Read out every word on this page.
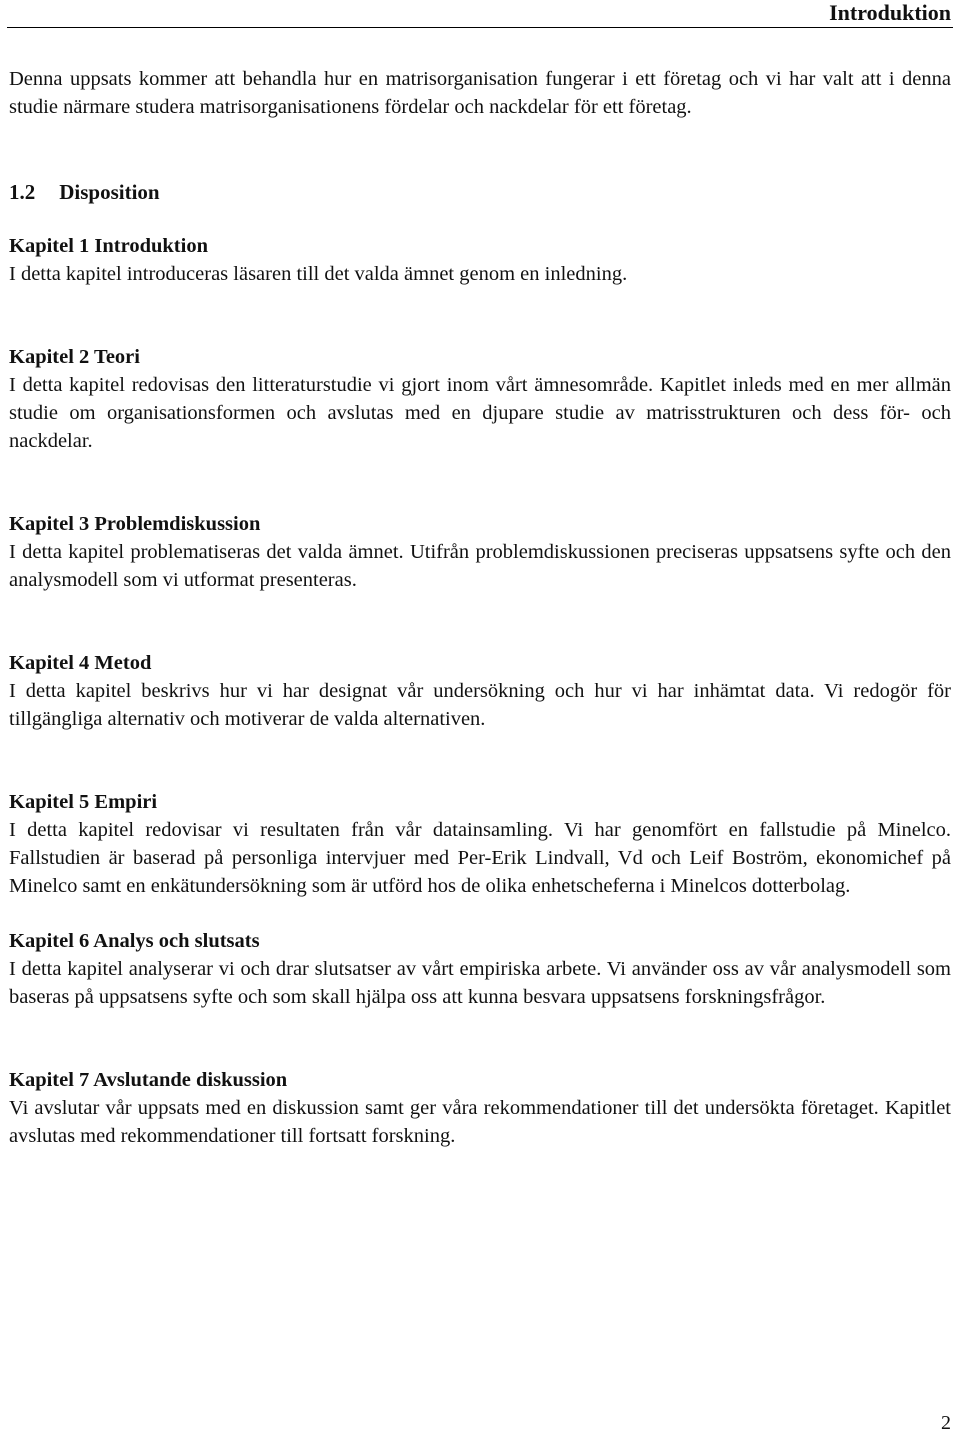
Introduktion

Denna uppsats kommer att behandla hur en matrisorganisation fungerar i ett företag och vi har valt att i denna studie närmare studera matrisorganisationens fördelar och nackdelar för ett företag.

1.2 Disposition
Kapitel 1 Introduktion

I detta kapitel introduceras läsaren till det valda ämnet genom en inledning.

Kapitel 2 Teori

I detta kapitel redovisas den litteraturstudie vi gjort inom vårt ämnesområde. Kapitlet inleds med en mer allmän studie om organisationsformen och avslutas med en djupare studie av matrisstrukturen och dess för- och nackdelar.

Kapitel 3 Problemdiskussion

I detta kapitel problematiseras det valda ämnet. Utifrån problemdiskussionen preciseras uppsatsens syfte och den analysmodell som vi utformat presenteras.

Kapitel 4 Metod

I detta kapitel beskrivs hur vi har designat vår undersökning och hur vi har inhämtat data. Vi redogör för tillgängliga alternativ och motiverar de valda alternativen.

Kapitel 5 Empiri

I detta kapitel redovisar vi resultaten från vår datainsamling. Vi har genomfört en fallstudie på Minelco. Fallstudien är baserad på personliga intervjuer med Per-Erik Lindvall, Vd och Leif Boström, ekonomichef på Minelco samt en enkätundersökning som är utförd hos de olika enhetscheferna i Minelcos dotterbolag.

Kapitel 6 Analys och slutsats

I detta kapitel analyserar vi och drar slutsatser av vårt empiriska arbete. Vi använder oss av vår analysmodell som baseras på uppsatsens syfte och som skall hjälpa oss att kunna besvara uppsatsens forskningsfrågor.

Kapitel 7 Avslutande diskussion

Vi avslutar vår uppsats med en diskussion samt ger våra rekommendationer till det undersökta företaget. Kapitlet avslutas med rekommendationer till fortsatt forskning.

2
